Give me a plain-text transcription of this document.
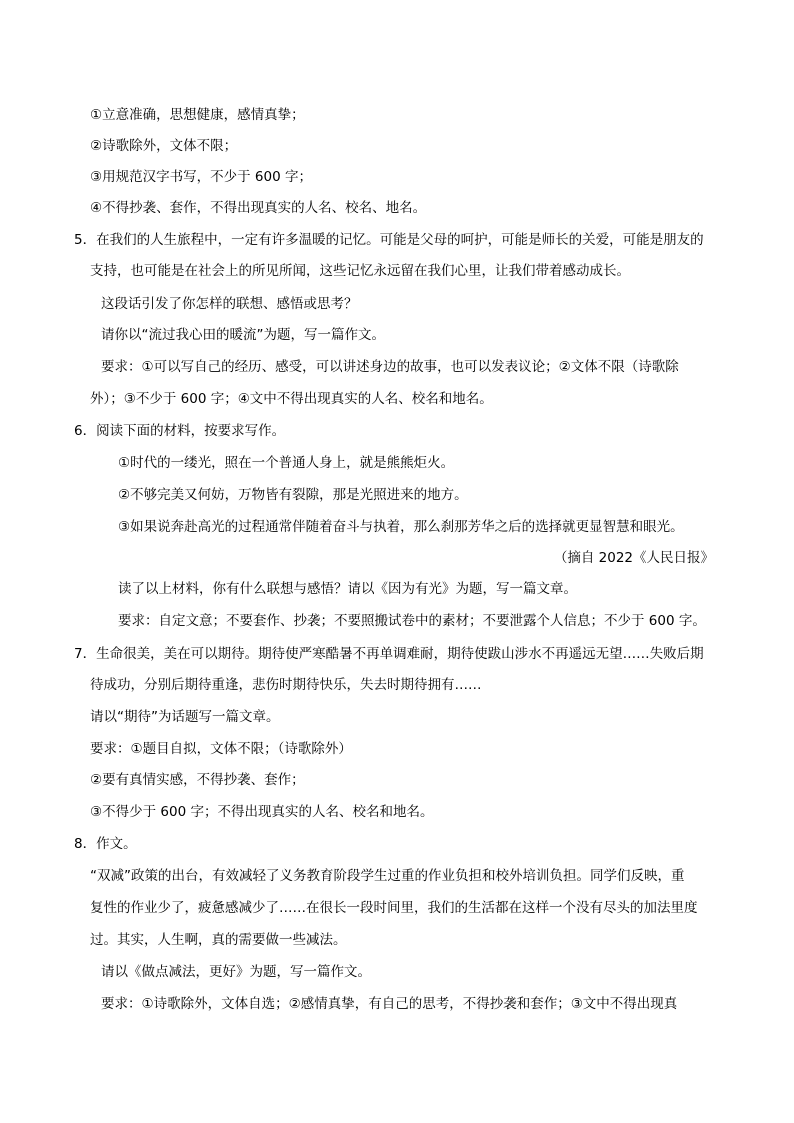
①立意准确，思想健康，感情真挚；
②诗歌除外，文体不限；
③用规范汉字书写，不少于 600 字；
④不得抄袭、套作，不得出现真实的人名、校名、地名。
5．在我们的人生旅程中，一定有许多温暖的记忆。可能是父母的呵护，可能是师长的关爱，可能是朋友的
支持，也可能是在社会上的所见所闻，这些记忆永远留在我们心里，让我们带着感动成长。
这段话引发了你怎样的联想、感悟或思考？
请你以“流过我心田的暖流”为题，写一篇作文。
要求：①可以写自己的经历、感受，可以讲述身边的故事，也可以发表议论；②文体不限（诗歌除
外）；③不少于 600 字；④文中不得出现真实的人名、校名和地名。
6．阅读下面的材料，按要求写作。
①时代的一缕光，照在一个普通人身上，就是熊熊炬火。
②不够完美又何妨，万物皆有裂隙，那是光照进来的地方。
③如果说奔赴高光的过程通常伴随着奋斗与执着，那么刹那芳华之后的选择就更显智慧和眼光。
（摘自 2022《人民日报》
读了以上材料，你有什么联想与感悟？请以《因为有光》为题，写一篇文章。
要求：自定文意；不要套作、抄袭；不要照搬试卷中的素材；不要泄露个人信息；不少于 600 字。
7．生命很美，美在可以期待。期待使严寒酷暑不再单调难耐，期待使跋山涉水不再遥远无望……失败后期
待成功，分别后期待重逢，悲伤时期待快乐，失去时期待拥有……
请以“期待”为话题写一篇文章。
要求：①题目自拟，文体不限；（诗歌除外）
②要有真情实感，不得抄袭、套作；
③不得少于 600 字；不得出现真实的人名、校名和地名。
8．作文。
“双减”政策的出台，有效减轻了义务教育阶段学生过重的作业负担和校外培训负担。同学们反映，重
复性的作业少了，疲惫感减少了……在很长一段时间里，我们的生活都在这样一个没有尽头的加法里度
过。其实，人生啊，真的需要做一些减法。
请以《做点减法，更好》为题，写一篇作文。
要求：①诗歌除外，文体自选；②感情真挚，有自己的思考，不得抄袭和套作；③文中不得出现真
